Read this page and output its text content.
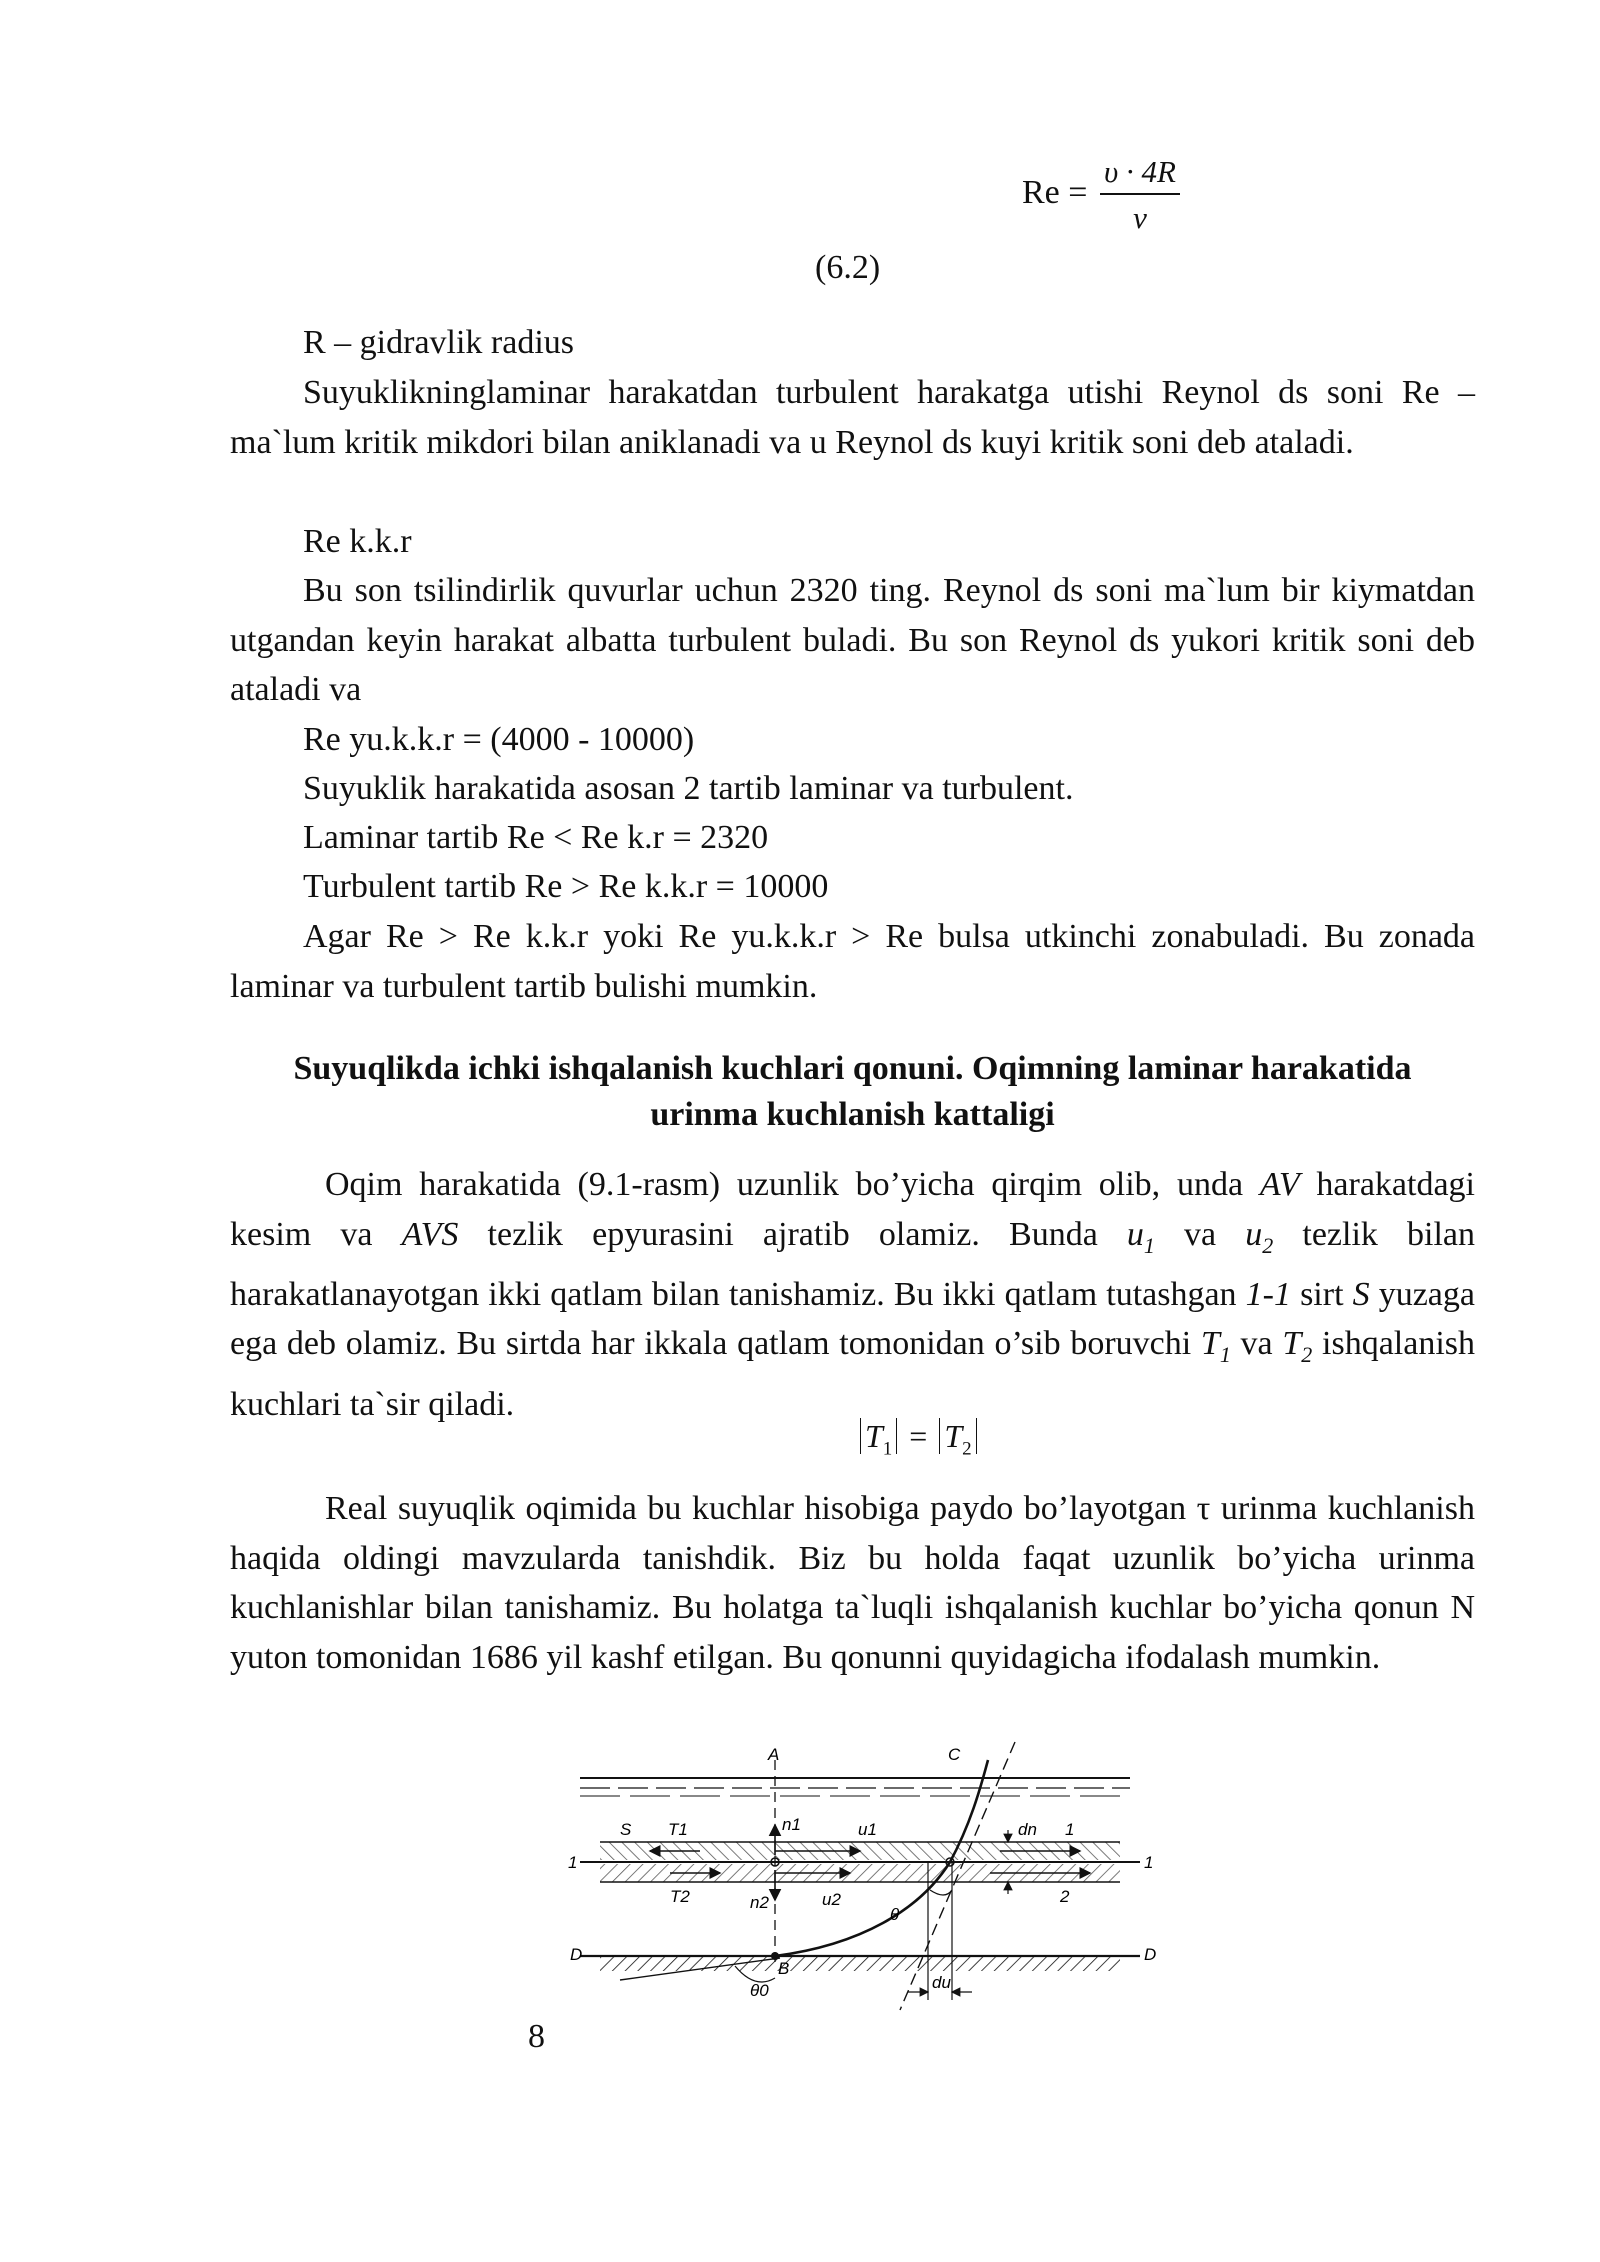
Re =
υ · 4R
ν
(6.2)
R – gidravlik radius
Suyuklikninglaminar harakatdan turbulent harakatga utishi Reynol ds soni Re – ma`lum kritik mikdori bilan aniklanadi va u Reynol ds kuyi kritik soni deb ataladi.
Re k.k.r
Bu son tsilindirlik quvurlar uchun 2320 ting. Reynol ds soni ma`lum bir kiymatdan utgandan keyin harakat albatta turbulent buladi. Bu son Reynol ds yukori kritik soni deb ataladi va
Re yu.k.k.r = (4000 - 10000)
Suyuklik harakatida asosan 2 tartib laminar va turbulent.
Laminar tartib Re < Re k.r = 2320
Turbulent tartib Re > Re k.k.r = 10000
Agar Re > Re k.k.r yoki Re yu.k.k.r > Re bulsa utkinchi zonabuladi. Bu zonada laminar va turbulent tartib bulishi mumkin.
Suyuqlikda ichki ishqalanish kuchlari qonuni. Oqimning laminar harakatida
urinma kuchlanish kattaligi
Oqim harakatida (9.1-rasm) uzunlik bo’yicha qirqim olib, unda AV harakatdagi kesim va AVS tezlik epyurasini ajratib olamiz. Bunda $u_1$ va $u_2$ tezlik bilan harakatlanayotgan ikki qatlam bilan tanishamiz. Bu ikki qatlam tutashgan 1-1 sirt S yuzaga ega deb olamiz. Bu sirtda har ikkala qatlam tomonidan o’sib boruvchi $T_1$ va $T_2$ ishqalanish kuchlari ta`sir qiladi.
$T_1 = T_2$
Real suyuqlik oqimida bu kuchlar hisobiga paydo bo’layotgan τ urinma kuchlanish haqida oldingi mavzularda tanishdik. Biz bu holda faqat uzunlik bo’yicha urinma kuchlanishlar bilan tanishamiz. Bu holatga ta`luqli ishqalanish kuchlar bo’yicha qonun N yuton tomonidan 1686 yil kashf etilgan. Bu qonunni quyidagicha ifodalash mumkin.
A	C
S T1	n1	u1	dn 1
1	1
T2	n2	u2	2
θ
D	D
B
θ0	du
8
